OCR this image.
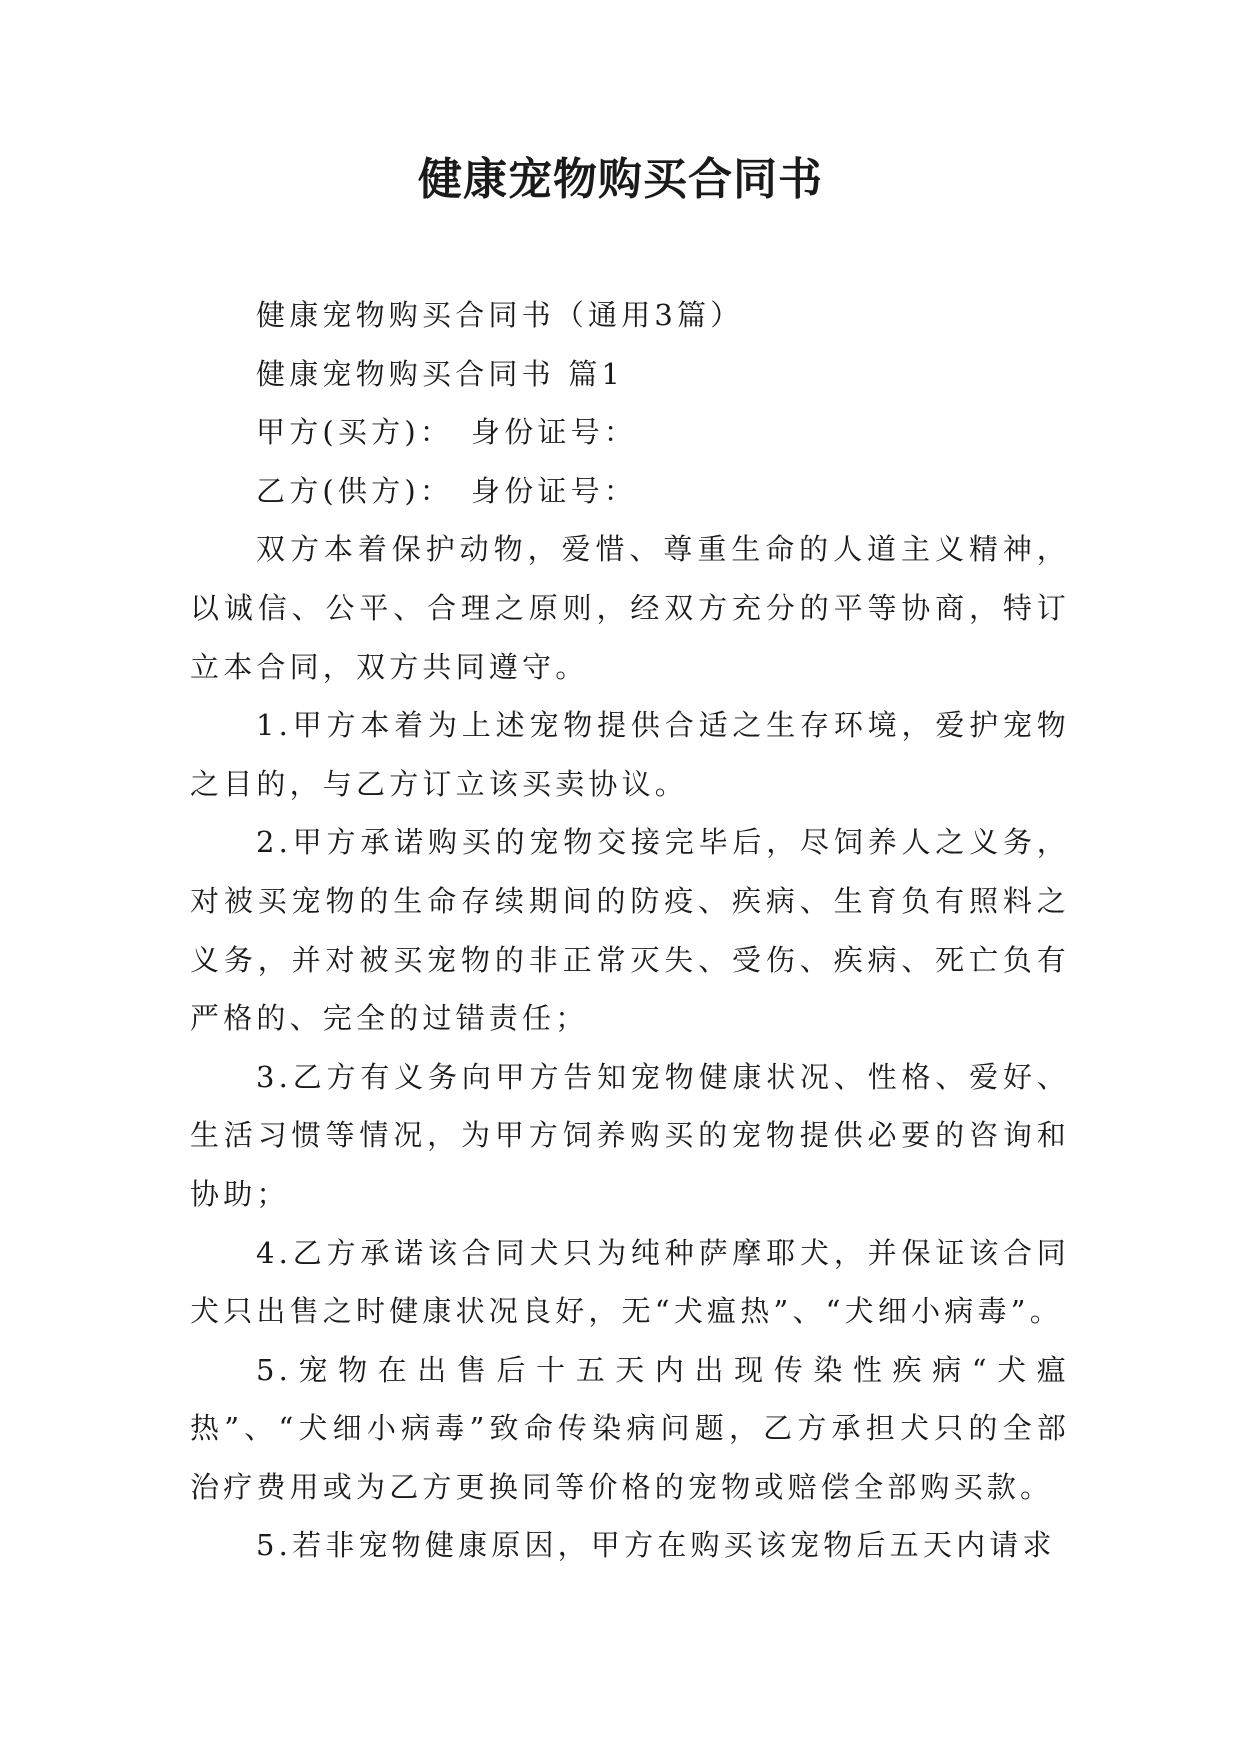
健康宠物购买合同书

健康宠物购买合同书（通用3篇）

健康宠物购买合同书 篇1

甲方(买方)： 身份证号：

乙方(供方)： 身份证号：

双方本着保护动物，爱惜、尊重生命的人道主义精神，以诚信、公平、合理之原则，经双方充分的平等协商，特订立本合同，双方共同遵守。

1.甲方本着为上述宠物提供合适之生存环境，爱护宠物之目的，与乙方订立该买卖协议。

2.甲方承诺购买的宠物交接完毕后，尽饲养人之义务，对被买宠物的生命存续期间的防疫、疾病、生育负有照料之义务，并对被买宠物的非正常灭失、受伤、疾病、死亡负有严格的、完全的过错责任；

3.乙方有义务向甲方告知宠物健康状况、性格、爱好、生活习惯等情况，为甲方饲养购买的宠物提供必要的咨询和协助；

4.乙方承诺该合同犬只为纯种萨摩耶犬，并保证该合同犬只出售之时健康状况良好，无“犬瘟热”、“犬细小病毒”。

5.宠物在出售后十五天内出现传染性疾病“犬瘟热”、“犬细小病毒”致命传染病问题，乙方承担犬只的全部治疗费用或为乙方更换同等价格的宠物或赔偿全部购买款。

5.若非宠物健康原因，甲方在购买该宠物后五天内请求
